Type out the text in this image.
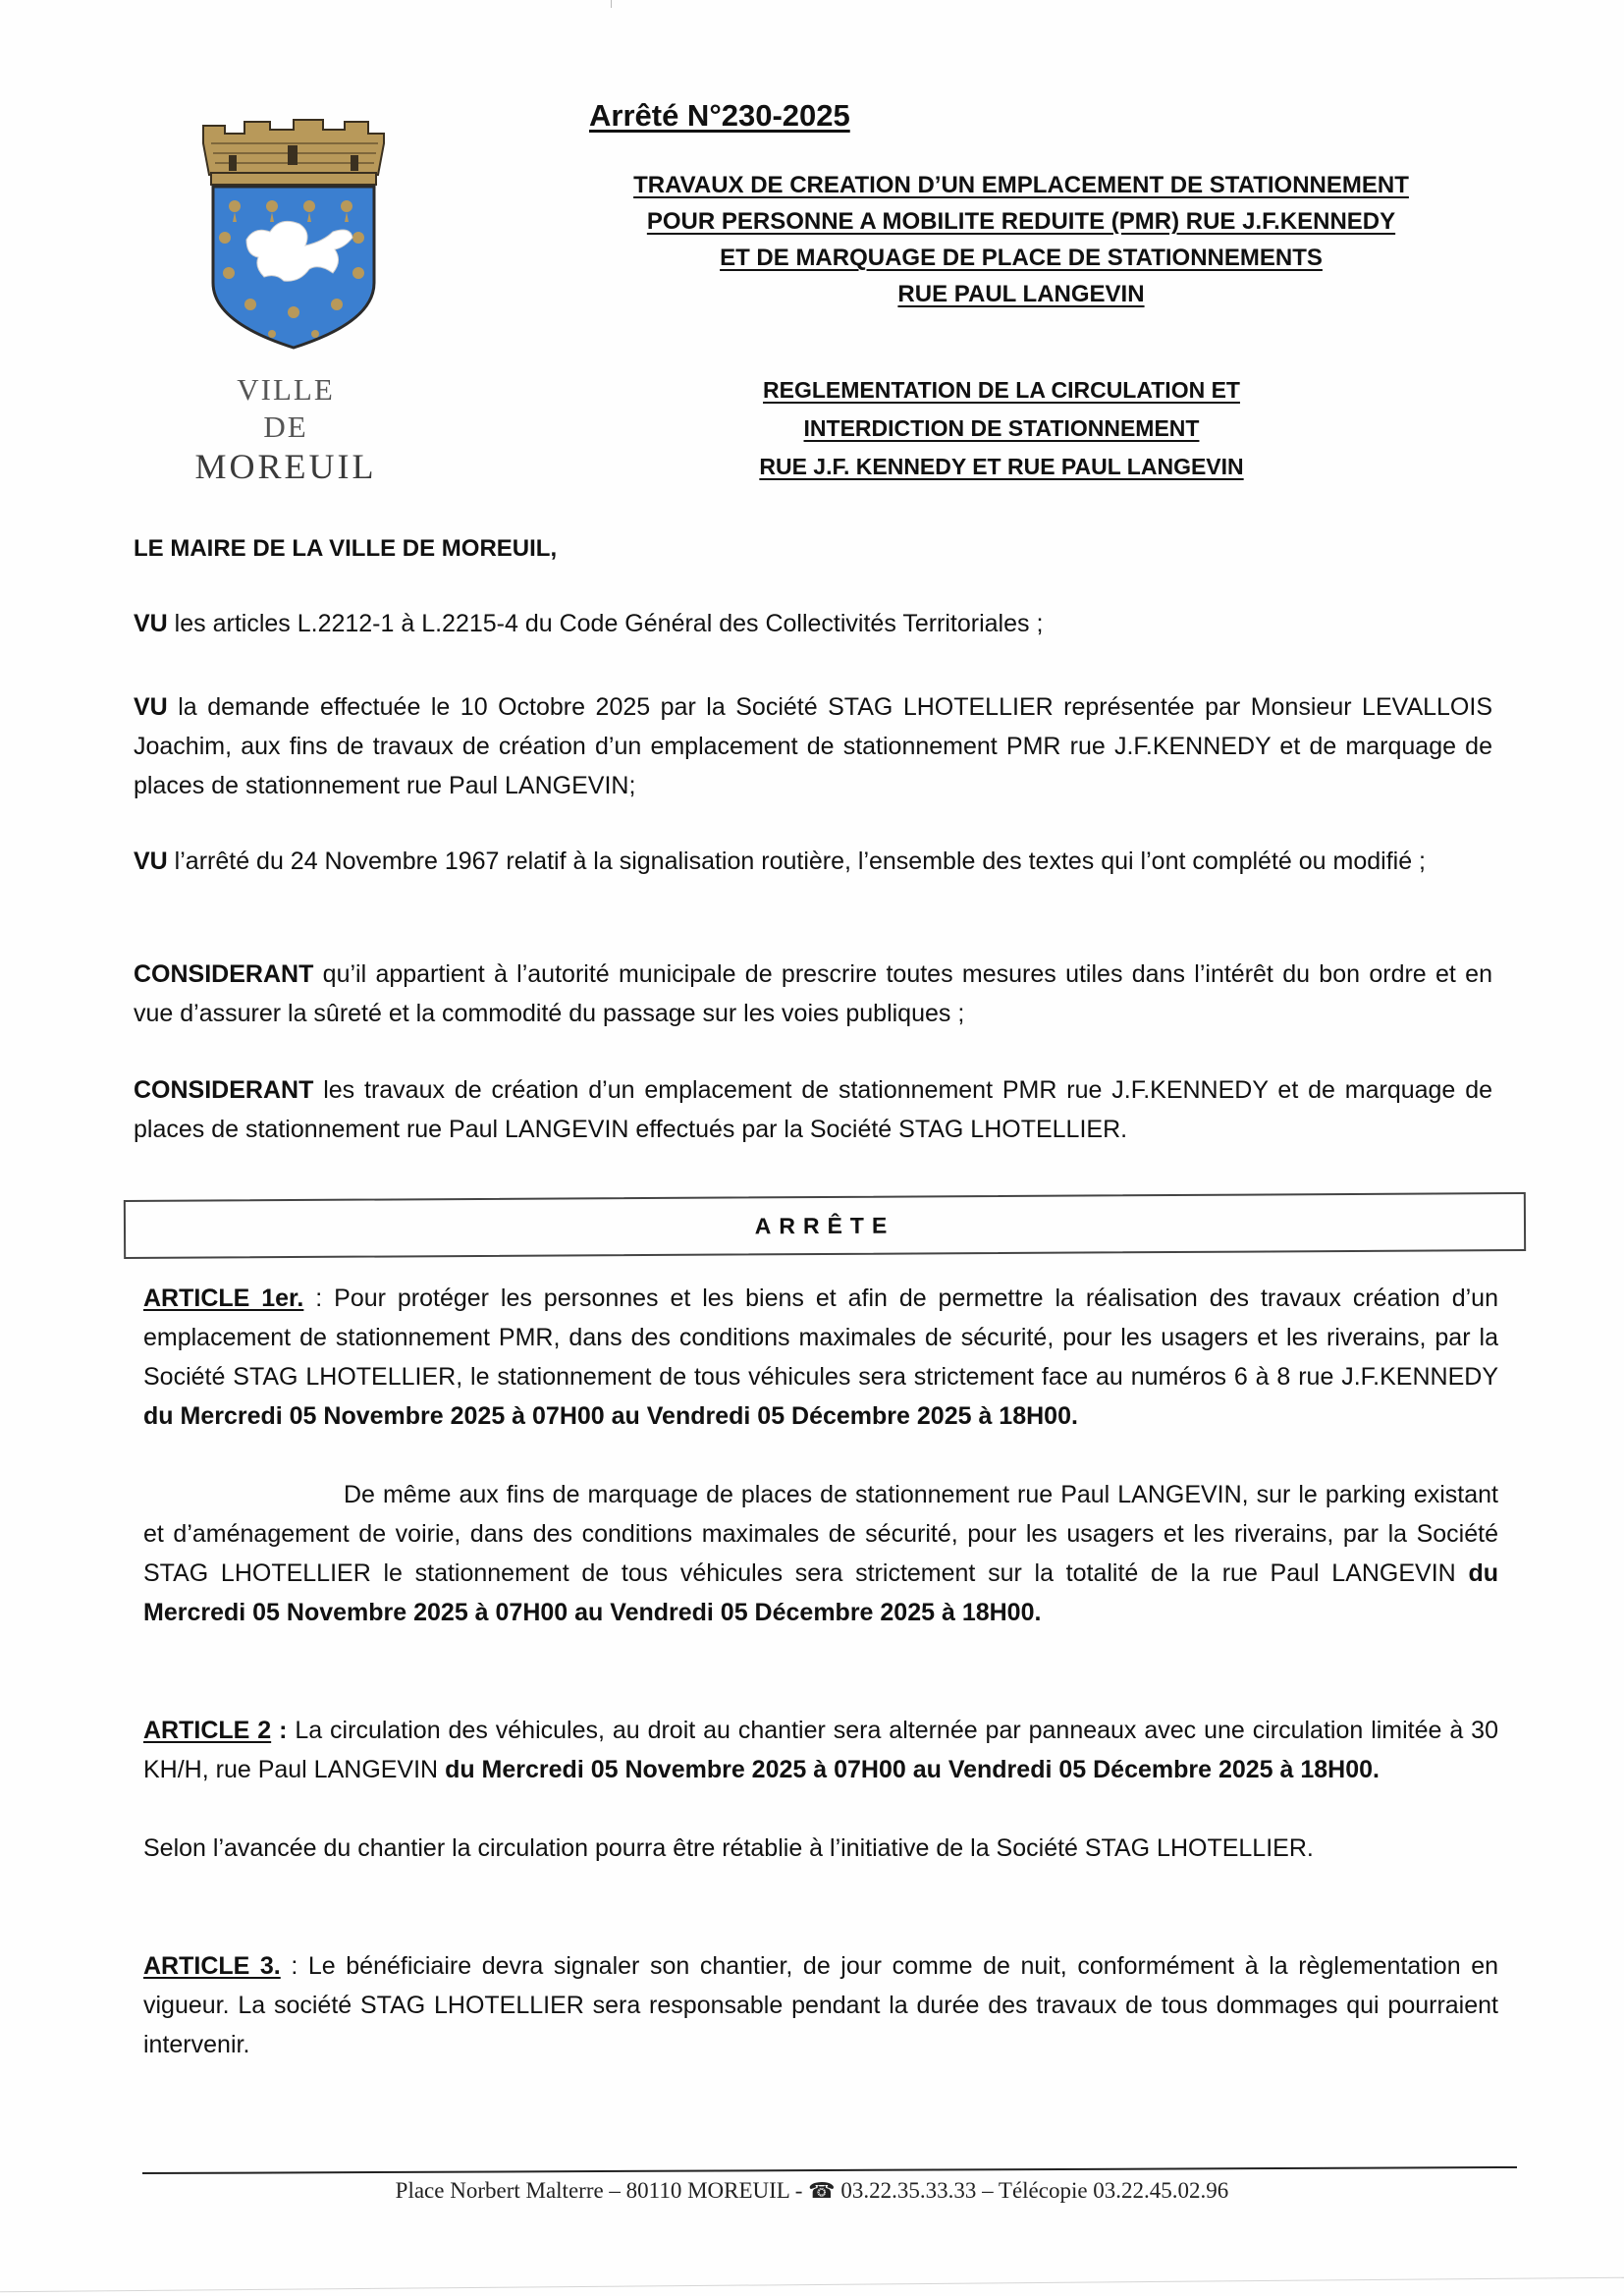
VILLE
DE
MOREUIL
Arrêté N°230-2025
TRAVAUX DE CREATION D’UN EMPLACEMENT DE STATIONNEMENT
POUR PERSONNE A MOBILITE REDUITE (PMR) RUE J.F.KENNEDY
ET DE MARQUAGE DE PLACE DE STATIONNEMENTS
RUE PAUL LANGEVIN
REGLEMENTATION DE LA CIRCULATION ET
INTERDICTION DE STATIONNEMENT
RUE J.F. KENNEDY ET RUE PAUL LANGEVIN
LE MAIRE DE LA VILLE DE MOREUIL,

VU les articles L.2212-1 à L.2215-4 du Code Général des Collectivités Territoriales ;

VU la demande effectuée le 10 Octobre 2025 par la Société STAG LHOTELLIER représentée par Monsieur LEVALLOIS Joachim, aux fins de travaux de création d’un emplacement de stationnement PMR rue J.F.KENNEDY et de marquage de places de stationnement rue Paul LANGEVIN;

VU l’arrêté du 24 Novembre 1967 relatif à la signalisation routière, l’ensemble des textes qui l’ont complété ou modifié ;

CONSIDERANT qu’il appartient à l’autorité municipale de prescrire toutes mesures utiles dans l’intérêt du bon ordre et en vue d’assurer la sûreté et la commodité du passage sur les voies publiques ;

CONSIDERANT les travaux de création d’un emplacement de stationnement PMR rue J.F.KENNEDY et de marquage de places de stationnement rue Paul LANGEVIN effectués par la Société STAG LHOTELLIER.

ARRÊTE

ARTICLE 1er. : Pour protéger les personnes et les biens et afin de permettre la réalisation des travaux création d’un emplacement de stationnement PMR, dans des conditions maximales de sécurité, pour les usagers et les riverains, par la Société STAG LHOTELLIER, le stationnement de tous véhicules sera strictement face au numéros 6 à 8 rue J.F.KENNEDY du Mercredi 05 Novembre 2025 à 07H00 au Vendredi 05 Décembre 2025 à 18H00.

De même aux fins de marquage de places de stationnement rue Paul LANGEVIN, sur le parking existant et d’aménagement de voirie, dans des conditions maximales de sécurité, pour les usagers et les riverains, par la Société STAG LHOTELLIER le stationnement de tous véhicules sera strictement sur la totalité de la rue Paul LANGEVIN du Mercredi 05 Novembre 2025 à 07H00 au Vendredi 05 Décembre 2025 à 18H00.

ARTICLE 2 : La circulation des véhicules, au droit au chantier sera alternée par panneaux avec une circulation limitée à 30 KH/H, rue Paul LANGEVIN du Mercredi 05 Novembre 2025 à 07H00 au Vendredi 05 Décembre 2025 à 18H00.

Selon l’avancée du chantier la circulation pourra être rétablie à l’initiative de la Société STAG LHOTELLIER.

ARTICLE 3. : Le bénéficiaire devra signaler son chantier, de jour comme de nuit, conformément à la règlementation en vigueur. La société STAG LHOTELLIER sera responsable pendant la durée des travaux de tous dommages qui pourraient intervenir.

Place Norbert Malterre – 80110 MOREUIL - ☎ 03.22.35.33.33 – Télécopie 03.22.45.02.96
